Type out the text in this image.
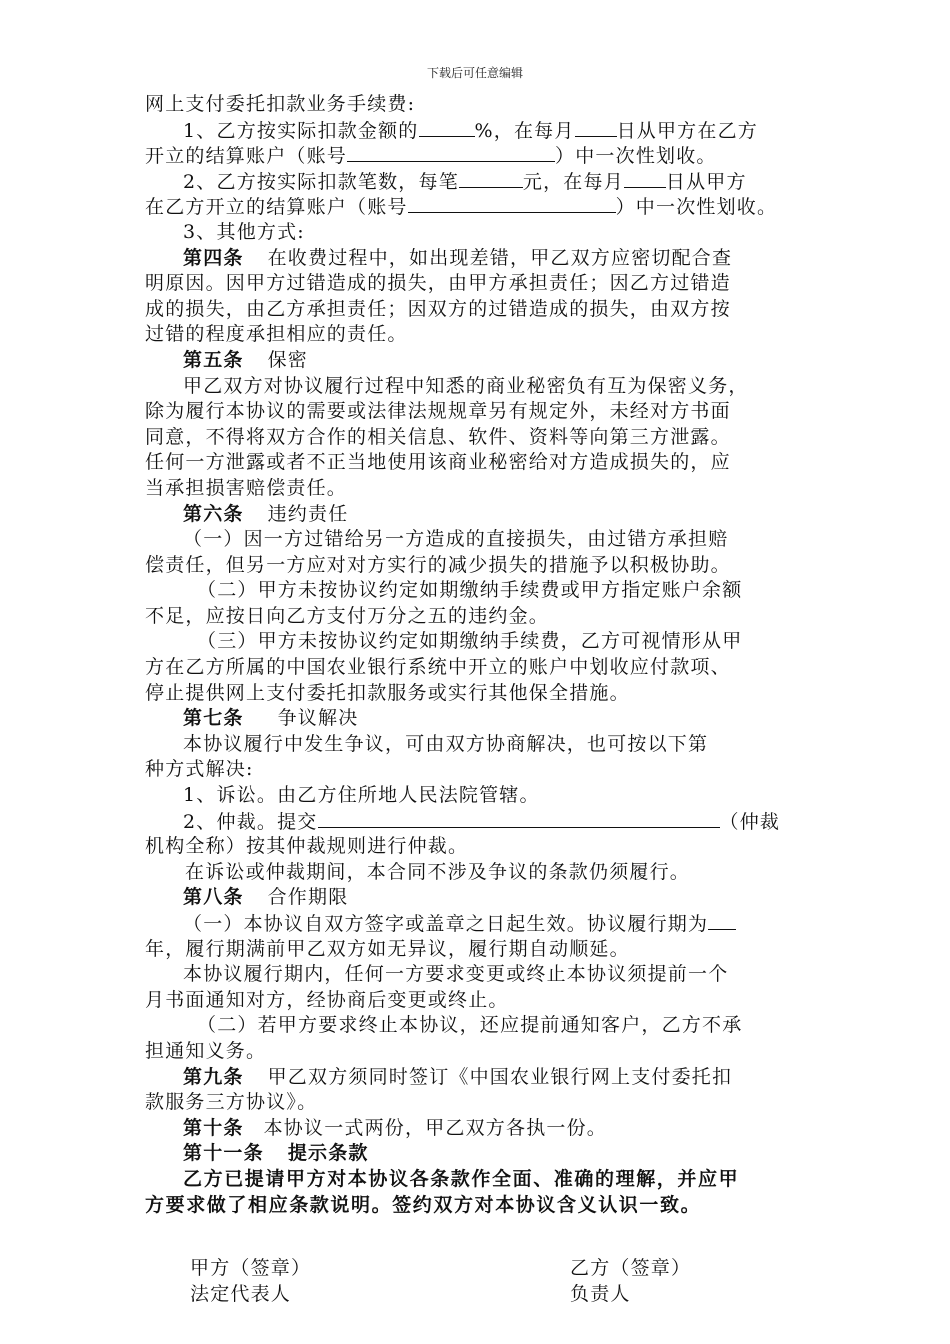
下载后可任意编辑
网上支付委托扣款业务手续费:
1、乙方按实际扣款金额的	%，在每月 日从甲方在乙方
开立的结算账户（账号	）中一次性划收。
2、乙方按实际扣款笔数，每笔	元，在每月 日从甲方
在乙方开立的结算账户（账号	）中一次性划收。
3、其他方式:
第四条 在收费过程中，如出现差错，甲乙双方应密切配合查
明原因。因甲方过错造成的损失，由甲方承担责任；因乙方过错造
成的损失，由乙方承担责任；因双方的过错造成的损失，由双方按
过错的程度承担相应的责任。
第五条 保密
甲乙双方对协议履行过程中知悉的商业秘密负有互为保密义务，
除为履行本协议的需要或法律法规规章另有规定外，未经对方书面
同意，不得将双方合作的相关信息、软件、资料等向第三方泄露。
任何一方泄露或者不正当地使用该商业秘密给对方造成损失的，应
当承担损害赔偿责任。
第六条 违约责任
（一）因一方过错给另一方造成的直接损失，由过错方承担赔
偿责任，但另一方应对对方实行的减少损失的措施予以积极协助。
（二）甲方未按协议约定如期缴纳手续费或甲方指定账户余额
不足，应按日向乙方支付万分之五的违约金。
（三）甲方未按协议约定如期缴纳手续费，乙方可视情形从甲
方在乙方所属的中国农业银行系统中开立的账户中划收应付款项、
停止提供网上支付委托扣款服务或实行其他保全措施。
第七条 争议解决
本协议履行中发生争议，可由双方协商解决，也可按以下第
种方式解决:
1、诉讼。由乙方住所地人民法院管辖。
2、仲裁。提交	（仲裁
机构全称）按其仲裁规则进行仲裁。
在诉讼或仲裁期间，本合同不涉及争议的条款仍须履行。
第八条 合作期限
（一）本协议自双方签字或盖章之日起生效。协议履行期为
年，履行期满前甲乙双方如无异议，履行期自动顺延。
本协议履行期内，任何一方要求变更或终止本协议须提前一个
月书面通知对方，经协商后变更或终止。
（二）若甲方要求终止本协议，还应提前通知客户，乙方不承
担通知义务。
第九条 甲乙双方须同时签订《中国农业银行网上支付委托扣
款服务三方协议》。
第十条 本协议一式两份，甲乙双方各执一份。
第十一条 提示条款
乙方已提请甲方对本协议各条款作全面、准确的理解，并应甲
方要求做了相应条款说明。签约双方对本协议含义认识一致。
甲方（签章）	乙方（签章）
法定代表人	负责人
